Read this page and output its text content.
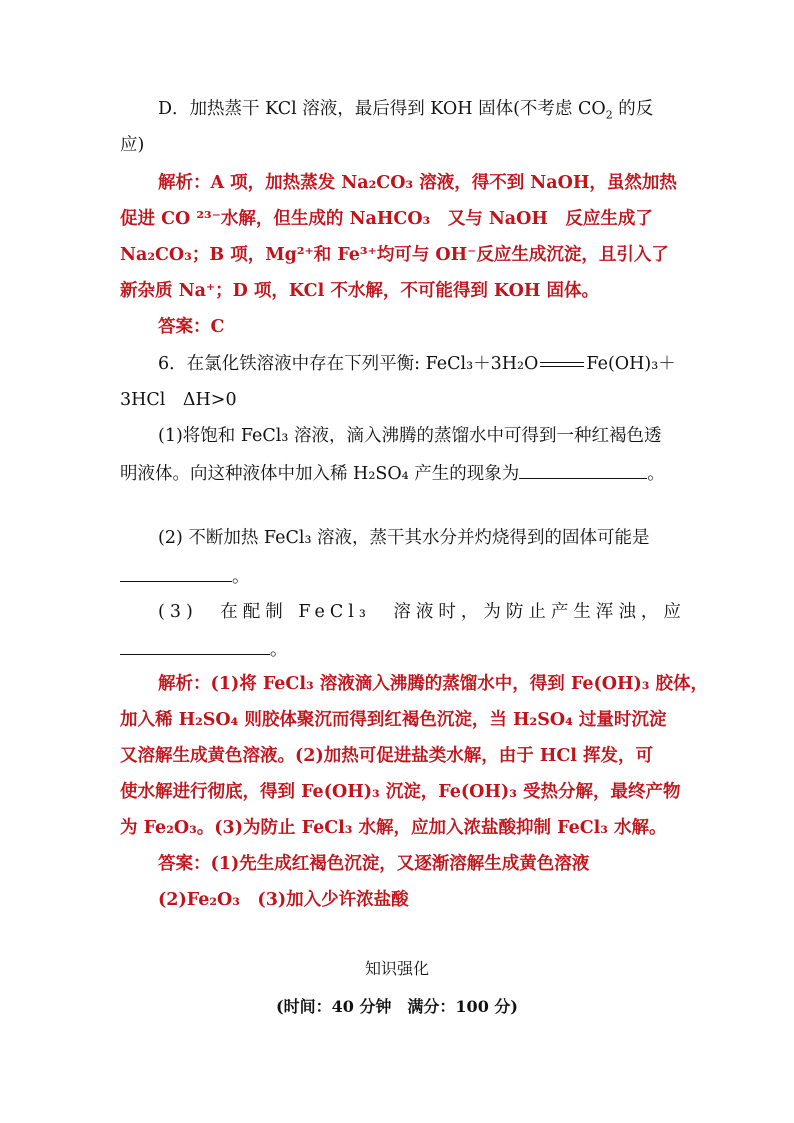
D．加热蒸干 KCl 溶液，最后得到 KOH 固体(不考虑 $CO_2$ 的反
应)
解析：A 项，加热蒸发 Na₂CO₃ 溶液，得不到 NaOH，虽然加热
促进 CO ²³⁻水解，但生成的 NaHCO₃　又与 NaOH　反应生成了
Na₂CO₃；B 项，Mg²⁺和 Fe³⁺均可与 OH⁻反应生成沉淀，且引入了
新杂质 Na⁺；D 项，KCl 不水解，不可能得到 KOH 固体。
答案：C
6．在氯化铁溶液中存在下列平衡: FeCl₃＋3H₂O	Fe(OH)₃＋
3HCl　ΔH>0
(1)将饱和 FeCl₃ 溶液，滴入沸腾的蒸馏水中可得到一种红褐色透
明液体。向这种液体中加入稀 H₂SO₄ 产生的现象为	。
(2) 不断加热 FeCl₃ 溶液，蒸干其水分并灼烧得到的固体可能是
。
(3)　在配制 FeCl₃　溶液时，为防止产生浑浊，应
。
解析：(1)将 FeCl₃ 溶液滴入沸腾的蒸馏水中，得到 Fe(OH)₃ 胶体，
加入稀 H₂SO₄ 则胶体聚沉而得到红褐色沉淀，当 H₂SO₄ 过量时沉淀
又溶解生成黄色溶液。(2)加热可促进盐类水解，由于 HCl 挥发，可
使水解进行彻底，得到 Fe(OH)₃ 沉淀，Fe(OH)₃ 受热分解，最终产物
为 Fe₂O₃。(3)为防止 FeCl₃ 水解，应加入浓盐酸抑制 FeCl₃ 水解。
答案：(1)先生成红褐色沉淀，又逐渐溶解生成黄色溶液
(2)Fe₂O₃　(3)加入少许浓盐酸
知识强化
(时间：40 分钟　满分：100 分)
